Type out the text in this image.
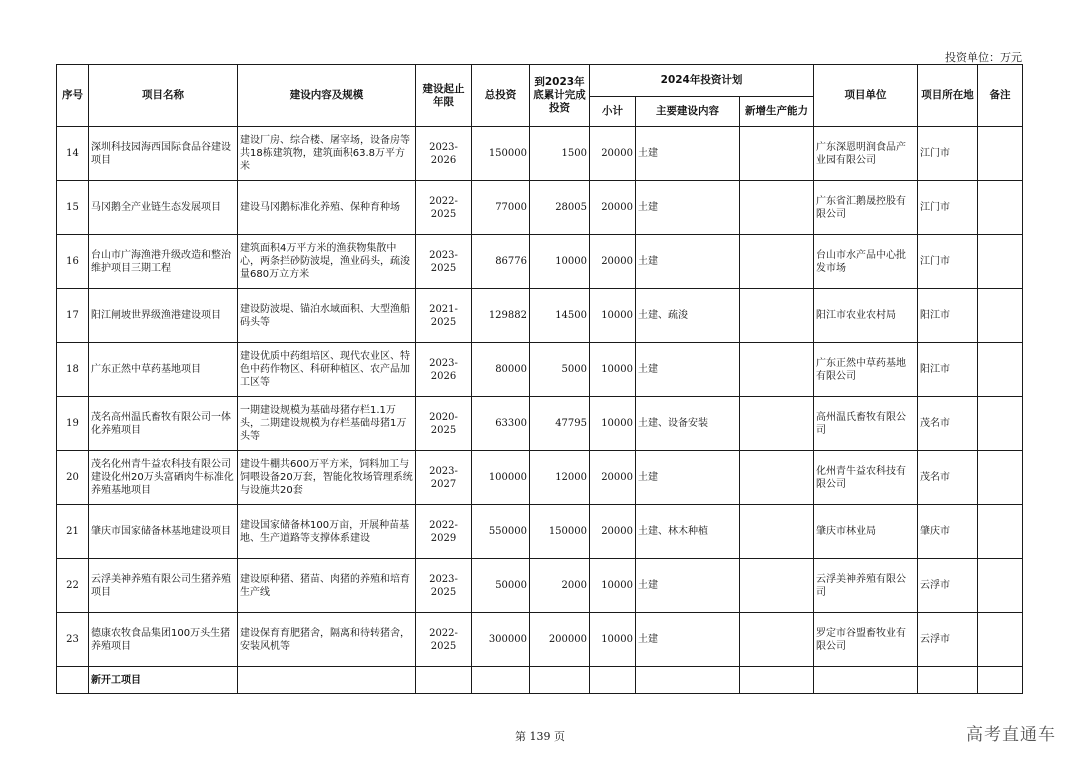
投资单位：万元
序号	项目名称	建设内容及规模	建设起止年限	总投资	到2023年底累计完成投资	2024年投资计划			项目单位	项目所在地	备注
						小计	主要建设内容	新增生产能力			
14	深圳科技园海西国际食品谷建设项目	建设厂房、综合楼、屠宰场，设备房等共18栋建筑物，建筑面积63.8万平方米	2023-2026	150000	1500	20000	土建		广东深恩明润食品产业园有限公司	江门市	
15	马冈鹅全产业链生态发展项目	建设马冈鹅标准化养殖、保种育种场	2022-2025	77000	28005	20000	土建		广东省汇鹅晟控股有限公司	江门市	
16	台山市广海渔港升级改造和整治维护项目三期工程	建筑面积4万平方米的渔获物集散中心，两条拦砂防波堤，渔业码头，疏浚量680万立方米	2023-2025	86776	10000	20000	土建		台山市水产品中心批发市场	江门市	
17	阳江闸坡世界级渔港建设项目	建设防波堤、锚泊水域面积、大型渔船码头等	2021-2025	129882	14500	10000	土建、疏浚		阳江市农业农村局	阳江市	
18	广东正然中草药基地项目	建设优质中药组培区、现代农业区、特色中药作物区、科研种植区、农产品加工区等	2023-2026	80000	5000	10000	土建		广东正然中草药基地有限公司	阳江市	
19	茂名高州温氏畜牧有限公司一体化养殖项目	一期建设规模为基础母猪存栏1.1万头，二期建设规模为存栏基础母猪1万头等	2020-2025	63300	47795	10000	土建、设备安装		高州温氏畜牧有限公司	茂名市	
20	茂名化州青牛益农科技有限公司建设化州20万头富硒肉牛标准化养殖基地项目	建设牛棚共600万平方米，饲料加工与饲喂设备20万套，智能化牧场管理系统与设施共20套	2023-2027	100000	12000	20000	土建		化州青牛益农科技有限公司	茂名市	
21	肇庆市国家储备林基地建设项目	建设国家储备林100万亩，开展种苗基地、生产道路等支撑体系建设	2022-2029	550000	150000	20000	土建、林木种植		肇庆市林业局	肇庆市	
22	云浮美神养殖有限公司生猪养殖项目	建设原种猪、猪苗、肉猪的养殖和培育生产线	2023-2025	50000	2000	10000	土建		云浮美神养殖有限公司	云浮市	
23	德康农牧食品集团100万头生猪养殖项目	建设保育育肥猪舍，隔离和待转猪舍，安装风机等	2022-2025	300000	200000	10000	土建		罗定市谷盟畜牧业有限公司	云浮市	
	新开工项目										
第 139 页	高考直通车
